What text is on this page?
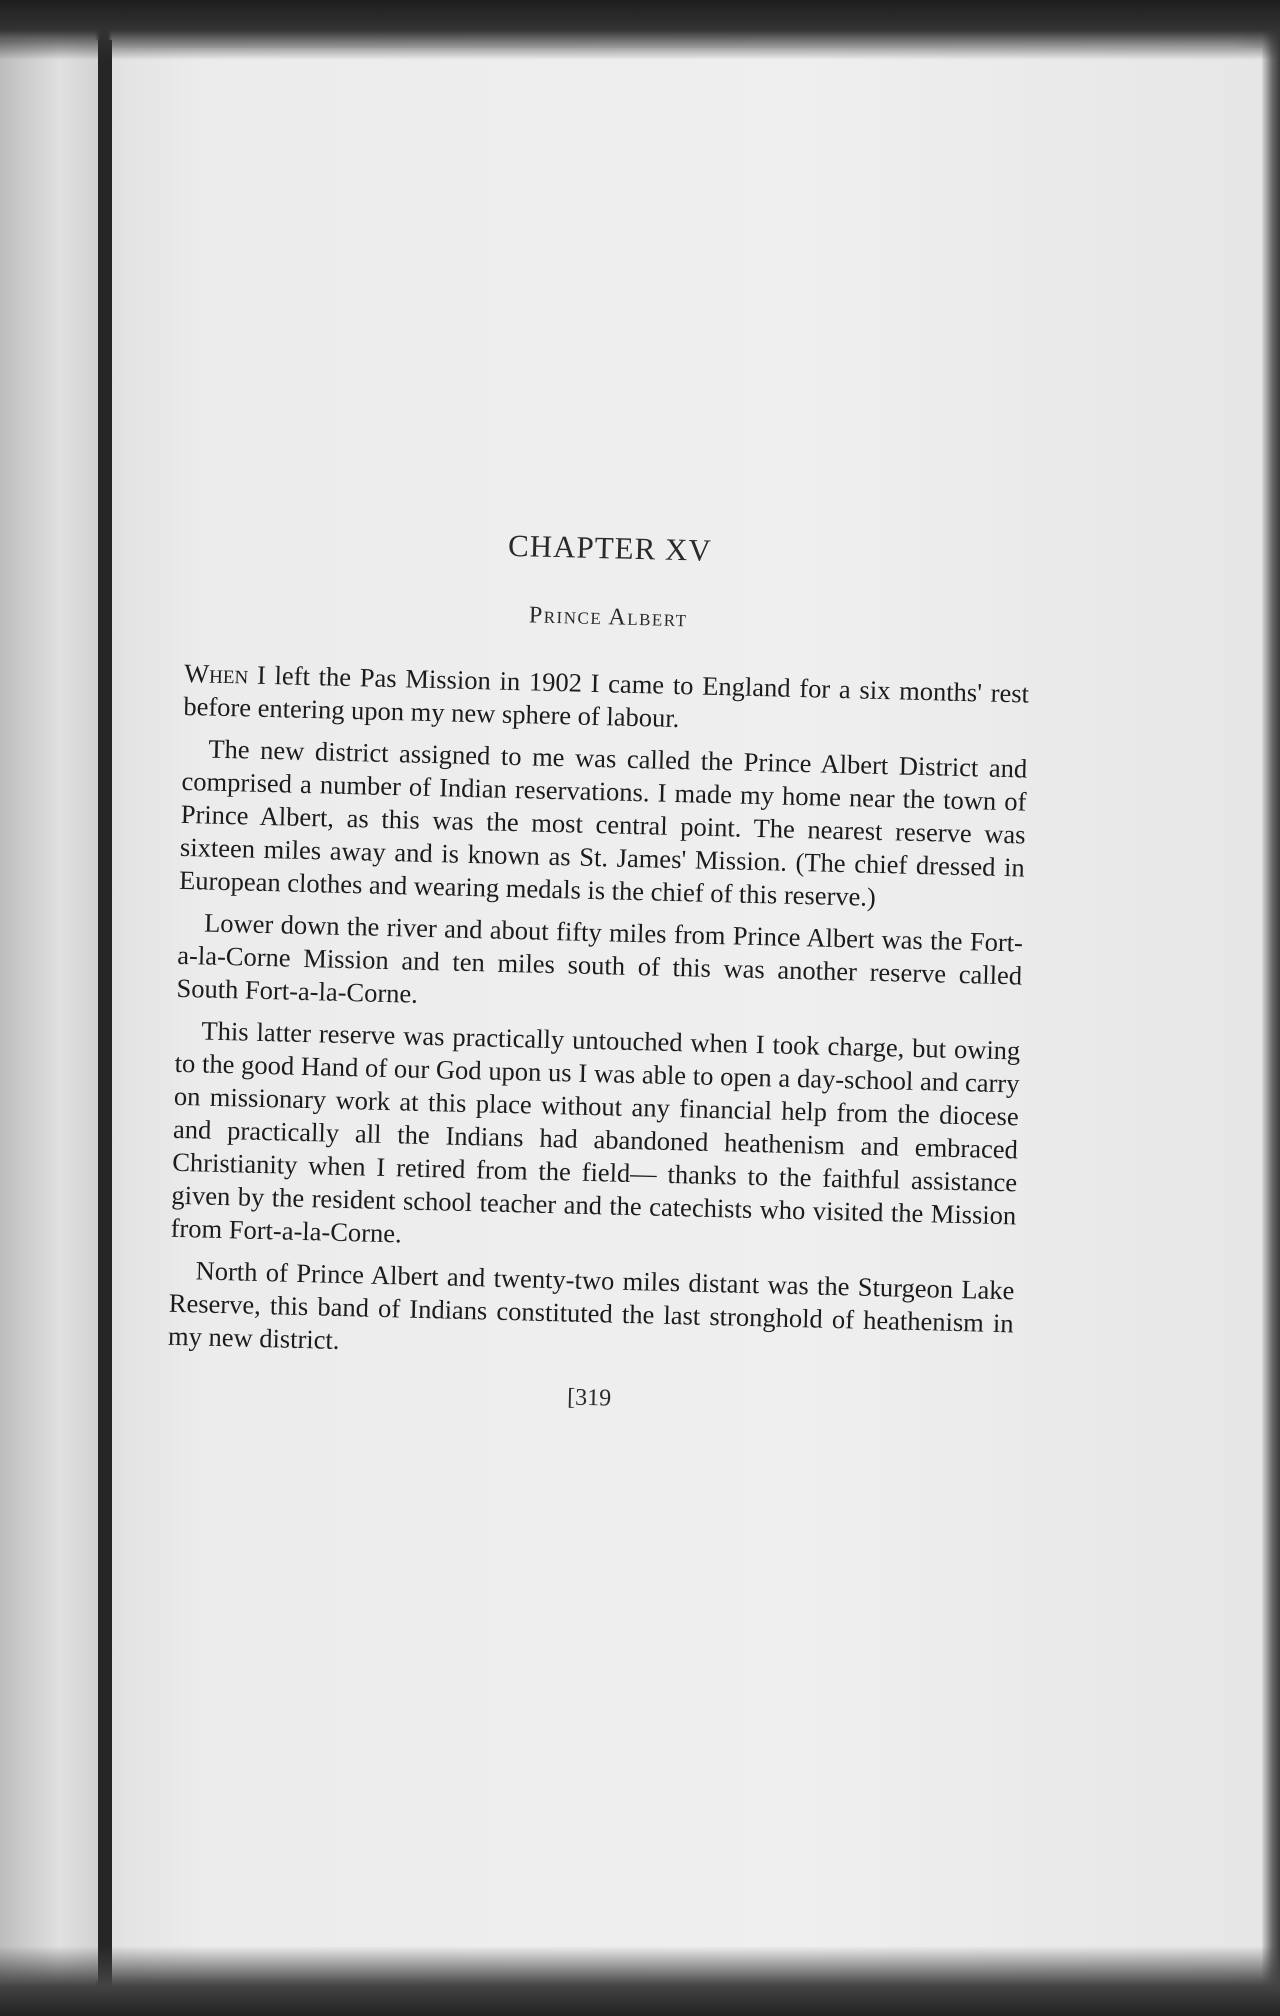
CHAPTER XV
Prince Albert

When I left the Pas Mission in 1902 I came to England for a six months' rest before entering upon my new sphere of labour.

The new district assigned to me was called the Prince Albert District and comprised a number of Indian reservations. I made my home near the town of Prince Albert, as this was the most central point. The nearest reserve was sixteen miles away and is known as St. James' Mission. (The chief dressed in European clothes and wearing medals is the chief of this reserve.)

Lower down the river and about fifty miles from Prince Albert was the Fort-a-la-Corne Mission and ten miles south of this was another reserve called South Fort-a-la-Corne.

This latter reserve was practically untouched when I took charge, but owing to the good Hand of our God upon us I was able to open a day-school and carry on missionary work at this place without any financial help from the diocese and practically all the Indians had abandoned heathenism and embraced Christianity when I retired from the field— thanks to the faithful assistance given by the resident school teacher and the catechists who visited the Mission from Fort-a-la-Corne.

North of Prince Albert and twenty-two miles distant was the Sturgeon Lake Reserve, this band of Indians constituted the last stronghold of heathenism in my new district.

[319
